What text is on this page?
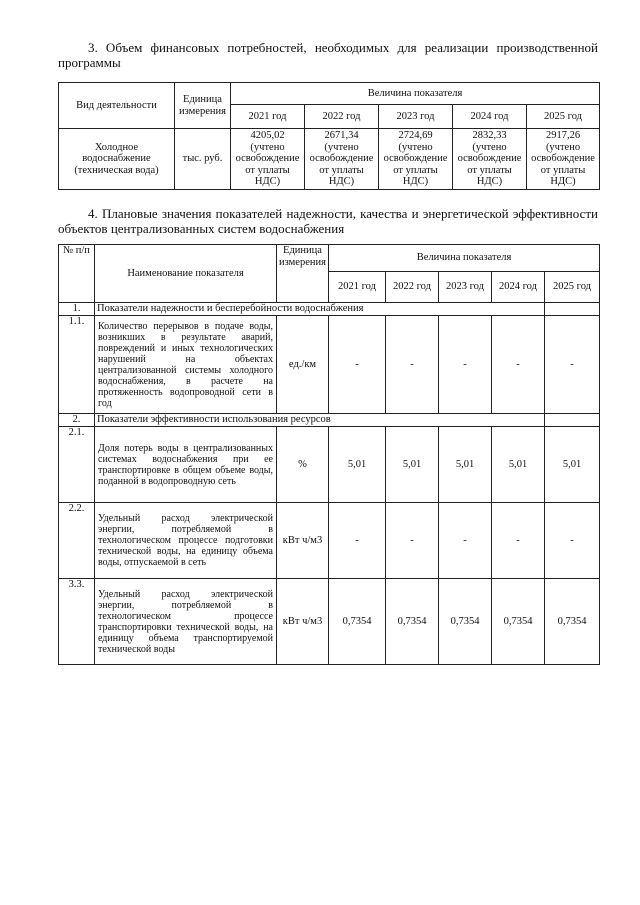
3. Объем финансовых потребностей, необходимых для реализации производственной программы
Вид деятельности	Единица измерения	Величина показателя				
		2021 год	2022 год	2023 год	2024 год	2025 год
Холодное водоснабжение (техническая вода)	тыс. руб.	4205,02 (учтено освобождение от уплаты НДС)	2671,34 (учтено освобождение от уплаты НДС)	2724,69 (учтено освобождение от уплаты НДС)	2832,33 (учтено освобождение от уплаты НДС)	2917,26 (учтено освобождение от уплаты НДС)
4. Плановые значения показателей надежности, качества и энергетической эффективности объектов централизованных систем водоснабжения
№ п/п	Наименование показателя	Единица измерения	Величина показателя				
			2021 год	2022 год	2023 год	2024 год	2025 год
1.	Показатели надежности и бесперебойности водоснабжения						
1.1.	Количество перерывов в подаче воды, возникших в результате аварий, повреждений и иных технологических нарушений на объектах централизованной системы холодного водоснабжения, в расчете на протяженность водопроводной сети в год	ед./км	-	-	-	-	-
2.	Показатели эффективности использования ресурсов						
2.1.	Доля потерь воды в централизованных системах водоснабжения при ее транспортировке в общем объеме воды, поданной в водопроводную сеть	%	5,01	5,01	5,01	5,01	5,01
2.2.	Удельный расход электрической энергии, потребляемой в технологическом процессе подготовки технической воды, на единицу объема воды, отпускаемой в сеть	кВт ч/м3	-	-	-	-	-
3.3.	Удельный расход электрической энергии, потребляемой в технологическом процессе транспортировки технической воды, на единицу объема транспортируемой технической воды	кВт ч/м3	0,7354	0,7354	0,7354	0,7354	0,7354
